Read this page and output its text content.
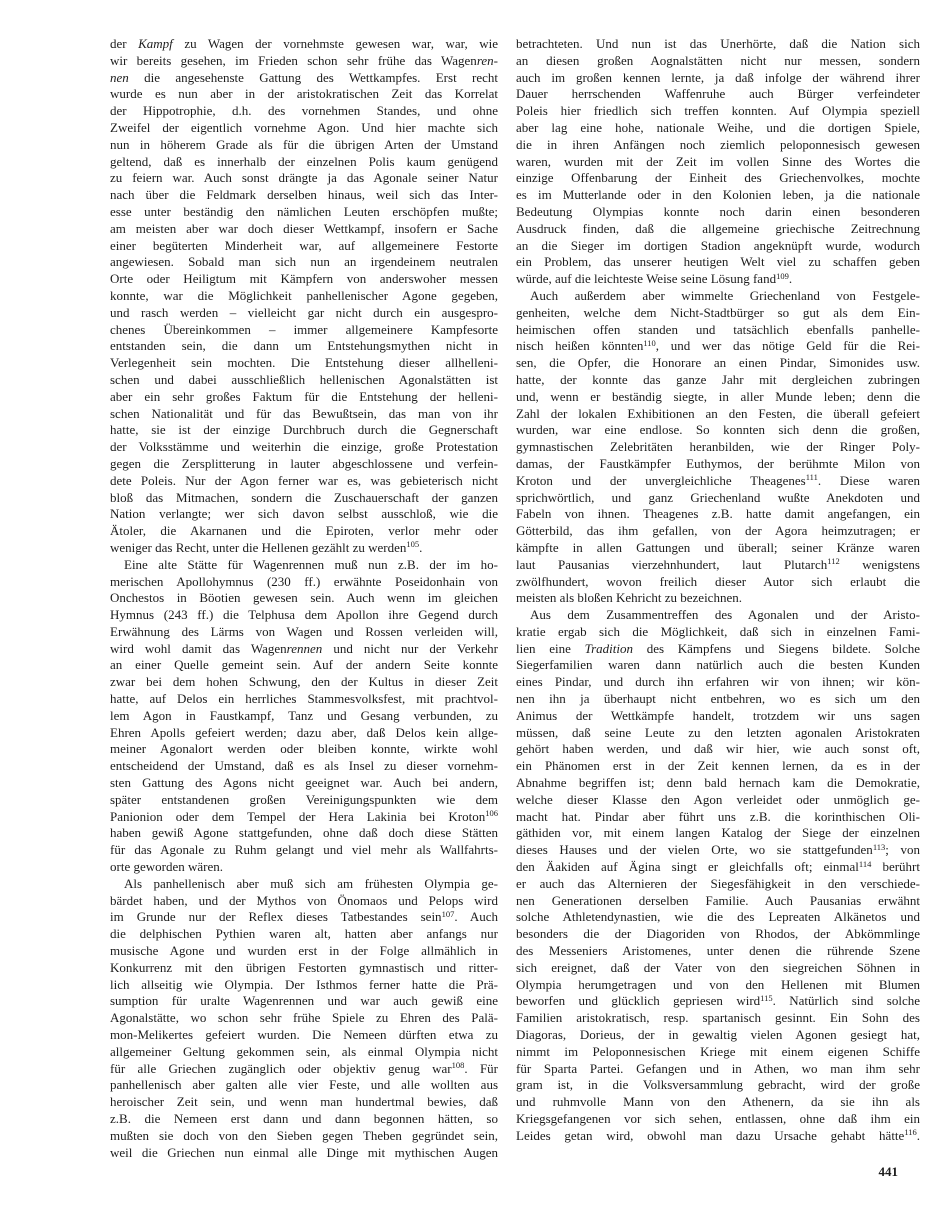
der Kampf zu Wagen der vornehmste gewesen war, war, wie
wir bereits gesehen, im Frieden schon sehr frühe das Wagenren-
nen die angesehenste Gattung des Wettkampfes. Erst recht
wurde es nun aber in der aristokratischen Zeit das Korrelat
der Hippotrophie, d.h. des vornehmen Standes, und ohne
Zweifel der eigentlich vornehme Agon. Und hier machte sich
nun in höherem Grade als für die übrigen Arten der Umstand
geltend, daß es innerhalb der einzelnen Polis kaum genügend
zu feiern war. Auch sonst drängte ja das Agonale seiner Natur
nach über die Feldmark derselben hinaus, weil sich das Inter-
esse unter beständig den nämlichen Leuten erschöpfen mußte;
am meisten aber war doch dieser Wettkampf, insofern er Sache
einer begüterten Minderheit war, auf allgemeinere Festorte
angewiesen. Sobald man sich nun an irgendeinem neutralen
Orte oder Heiligtum mit Kämpfern von anderswoher messen
konnte, war die Möglichkeit panhellenischer Agone gegeben,
und rasch werden – vielleicht gar nicht durch ein ausgespro-
chenes Übereinkommen – immer allgemeinere Kampfesorte
entstanden sein, die dann um Entstehungsmythen nicht in
Verlegenheit sein mochten. Die Entstehung dieser allhelleni-
schen und dabei ausschließlich hellenischen Agonalstätten ist
aber ein sehr großes Faktum für die Entstehung der helleni-
schen Nationalität und für das Bewußtsein, das man von ihr
hatte, sie ist der einzige Durchbruch durch die Gegnerschaft
der Volksstämme und weiterhin die einzige, große Protestation
gegen die Zersplitterung in lauter abgeschlossene und verfein-
dete Poleis. Nur der Agon ferner war es, was gebieterisch nicht
bloß das Mitmachen, sondern die Zuschauerschaft der ganzen
Nation verlangte; wer sich davon selbst ausschloß, wie die
Ätoler, die Akarnanen und die Epiroten, verlor mehr oder
weniger das Recht, unter die Hellenen gezählt zu werden$^{105}$.
Eine alte Stätte für Wagenrennen muß nun z.B. der im ho-
merischen Apollohymnus (230 ff.) erwähnte Poseidonhain von
Onchestos in Böotien gewesen sein. Auch wenn im gleichen
Hymnus (243 ff.) die Telphusa dem Apollon ihre Gegend durch
Erwähnung des Lärms von Wagen und Rossen verleiden will,
wird wohl damit das Wagenrennen und nicht nur der Verkehr
an einer Quelle gemeint sein. Auf der andern Seite konnte
zwar bei dem hohen Schwung, den der Kultus in dieser Zeit
hatte, auf Delos ein herrliches Stammesvolksfest, mit prachtvol-
lem Agon in Faustkampf, Tanz und Gesang verbunden, zu
Ehren Apolls gefeiert werden; dazu aber, daß Delos kein allge-
meiner Agonalort werden oder bleiben konnte, wirkte wohl
entscheidend der Umstand, daß es als Insel zu dieser vornehm-
sten Gattung des Agons nicht geeignet war. Auch bei andern,
später entstandenen großen Vereinigungspunkten wie dem
Panionion oder dem Tempel der Hera Lakinia bei Kroton$^{106}$
haben gewiß Agone stattgefunden, ohne daß doch diese Stätten
für das Agonale zu Ruhm gelangt und viel mehr als Wallfahrts-
orte geworden wären.
Als panhellenisch aber muß sich am frühesten Olympia ge-
bärdet haben, und der Mythos von Önomaos und Pelops wird
im Grunde nur der Reflex dieses Tatbestandes sein$^{107}$. Auch
die delphischen Pythien waren alt, hatten aber anfangs nur
musische Agone und wurden erst in der Folge allmählich in
Konkurrenz mit den übrigen Festorten gymnastisch und ritter-
lich allseitig wie Olympia. Der Isthmos ferner hatte die Prä-
sumption für uralte Wagenrennen und war auch gewiß eine
Agonalstätte, wo schon sehr frühe Spiele zu Ehren des Palä-
mon-Melikertes gefeiert wurden. Die Nemeen dürften etwa zu
allgemeiner Geltung gekommen sein, als einmal Olympia nicht
für alle Griechen zugänglich oder objektiv genug war$^{108}$. Für
panhellenisch aber galten alle vier Feste, und alle wollten aus
heroischer Zeit sein, und wenn man hundertmal bewies, daß
z.B. die Nemeen erst dann und dann begonnen hätten, so
mußten sie doch von den Sieben gegen Theben gegründet sein,
weil die Griechen nun einmal alle Dinge mit mythischen Augen
betrachteten. Und nun ist das Unerhörte, daß die Nation sich
an diesen großen Aognalstätten nicht nur messen, sondern
auch im großen kennen lernte, ja daß infolge der während ihrer
Dauer herrschenden Waffenruhe auch Bürger verfeindeter
Poleis hier friedlich sich treffen konnten. Auf Olympia speziell
aber lag eine hohe, nationale Weihe, und die dortigen Spiele,
die in ihren Anfängen noch ziemlich peloponnesisch gewesen
waren, wurden mit der Zeit im vollen Sinne des Wortes die
einzige Offenbarung der Einheit des Griechenvolkes, mochte
es im Mutterlande oder in den Kolonien leben, ja die nationale
Bedeutung Olympias konnte noch darin einen besonderen
Ausdruck finden, daß die allgemeine griechische Zeitrechnung
an die Sieger im dortigen Stadion angeknüpft wurde, wodurch
ein Problem, das unserer heutigen Welt viel zu schaffen geben
würde, auf die leichteste Weise seine Lösung fand$^{109}$.
Auch außerdem aber wimmelte Griechenland von Festgele-
genheiten, welche dem Nicht-Stadtbürger so gut als dem Ein-
heimischen offen standen und tatsächlich ebenfalls panhelle-
nisch heißen könnten$^{110}$, und wer das nötige Geld für die Rei-
sen, die Opfer, die Honorare an einen Pindar, Simonides usw.
hatte, der konnte das ganze Jahr mit dergleichen zubringen
und, wenn er beständig siegte, in aller Munde leben; denn die
Zahl der lokalen Exhibitionen an den Festen, die überall gefeiert
wurden, war eine endlose. So konnten sich denn die großen,
gymnastischen Zelebritäten heranbilden, wie der Ringer Poly-
damas, der Faustkämpfer Euthymos, der berühmte Milon von
Kroton und der unvergleichliche Theagenes$^{111}$. Diese waren
sprichwörtlich, und ganz Griechenland wußte Anekdoten und
Fabeln von ihnen. Theagenes z.B. hatte damit angefangen, ein
Götterbild, das ihm gefallen, von der Agora heimzutragen; er
kämpfte in allen Gattungen und überall; seiner Kränze waren
laut Pausanias vierzehnhundert, laut Plutarch$^{112}$ wenigstens
zwölfhundert, wovon freilich dieser Autor sich erlaubt die
meisten als bloßen Kehricht zu bezeichnen.
Aus dem Zusammentreffen des Agonalen und der Aristo-
kratie ergab sich die Möglichkeit, daß sich in einzelnen Fami-
lien eine Tradition des Kämpfens und Siegens bildete. Solche
Siegerfamilien waren dann natürlich auch die besten Kunden
eines Pindar, und durch ihn erfahren wir von ihnen; wir kön-
nen ihn ja überhaupt nicht entbehren, wo es sich um den
Animus der Wettkämpfe handelt, trotzdem wir uns sagen
müssen, daß seine Leute zu den letzten agonalen Aristokraten
gehört haben werden, und daß wir hier, wie auch sonst oft,
ein Phänomen erst in der Zeit kennen lernen, da es in der
Abnahme begriffen ist; denn bald hernach kam die Demokratie,
welche dieser Klasse den Agon verleidet oder unmöglich ge-
macht hat. Pindar aber führt uns z.B. die korinthischen Oli-
gäthiden vor, mit einem langen Katalog der Siege der einzelnen
dieses Hauses und der vielen Orte, wo sie stattgefunden$^{113}$; von
den Äakiden auf Ägina singt er gleichfalls oft; einmal$^{114}$ berührt
er auch das Alternieren der Siegesfähigkeit in den verschiede-
nen Generationen derselben Familie. Auch Pausanias erwähnt
solche Athletendynastien, wie die des Lepreaten Alkänetos und
besonders die der Diagoriden von Rhodos, der Abkömmlinge
des Messeniers Aristomenes, unter denen die rührende Szene
sich ereignet, daß der Vater von den siegreichen Söhnen in
Olympia herumgetragen und von den Hellenen mit Blumen
beworfen und glücklich gepriesen wird$^{115}$. Natürlich sind solche
Familien aristokratisch, resp. spartanisch gesinnt. Ein Sohn des
Diagoras, Dorieus, der in gewaltig vielen Agonen gesiegt hat,
nimmt im Peloponnesischen Kriege mit einem eigenen Schiffe
für Sparta Partei. Gefangen und in Athen, wo man ihm sehr
gram ist, in die Volksversammlung gebracht, wird der große
und ruhmvolle Mann von den Athenern, da sie ihn als
Kriegsgefangenen vor sich sehen, entlassen, ohne daß ihm ein
Leides getan wird, obwohl man dazu Ursache gehabt hätte$^{116}$.
441
